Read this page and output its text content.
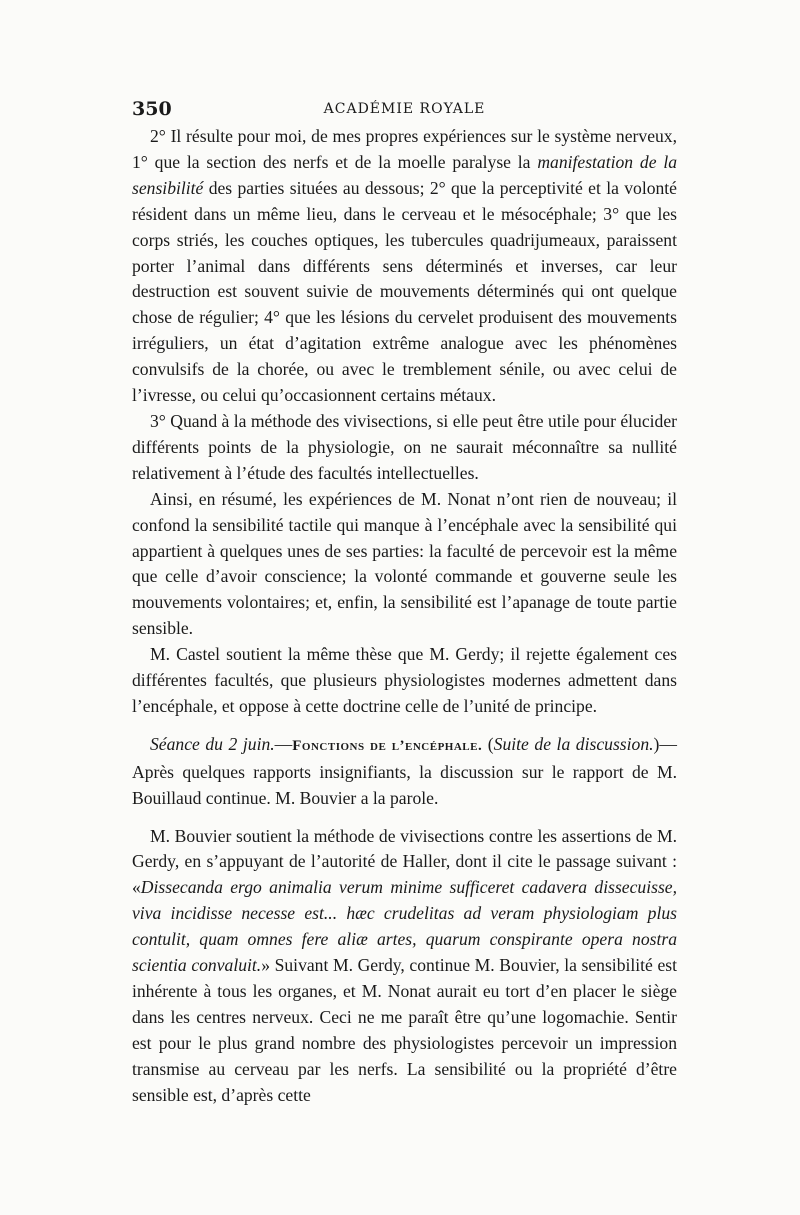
350	ACADÉMIE ROYALE

2° Il résulte pour moi, de mes propres expériences sur le système nerveux, 1° que la section des nerfs et de la moelle paralyse la manifestation de la sensibilité des parties situées au dessous; 2° que la perceptivité et la volonté résident dans un même lieu, dans le cerveau et le mésocéphale; 3° que les corps striés, les couches optiques, les tubercules quadrijumeaux, paraissent porter l’animal dans différents sens déterminés et inverses, car leur destruction est souvent suivie de mouvements déterminés qui ont quelque chose de régulier; 4° que les lésions du cervelet produisent des mouvements irréguliers, un état d’agitation extrême analogue avec les phénomènes convulsifs de la chorée, ou avec le tremblement sénile, ou avec celui de l’ivresse, ou celui qu’occasionnent certains métaux.

3° Quand à la méthode des vivisections, si elle peut être utile pour élucider différents points de la physiologie, on ne saurait méconnaître sa nullité relativement à l’étude des facultés intellectuelles.

Ainsi, en résumé, les expériences de M. Nonat n’ont rien de nouveau; il confond la sensibilité tactile qui manque à l’encéphale avec la sensibilité qui appartient à quelques unes de ses parties: la faculté de percevoir est la même que celle d’avoir conscience; la volonté commande et gouverne seule les mouvements volontaires; et, enfin, la sensibilité est l’apanage de toute partie sensible.

M. Castel soutient la même thèse que M. Gerdy; il rejette également ces différentes facultés, que plusieurs physiologistes modernes admettent dans l’encéphale, et oppose à cette doctrine celle de l’unité de principe.

Séance du 2 juin.—Fonctions de l’encéphale. (Suite de la discussion.)—Après quelques rapports insignifiants, la discussion sur le rapport de M. Bouillaud continue. M. Bouvier a la parole.

M. Bouvier soutient la méthode de vivisections contre les assertions de M. Gerdy, en s’appuyant de l’autorité de Haller, dont il cite le passage suivant : «Dissecanda ergo animalia verum minime sufficeret cadavera dissecuisse, viva incidisse necesse est... hæc crudelitas ad veram physiologiam plus contulit, quam omnes fere aliæ artes, quarum conspirante opera nostra scientia convaluit.» Suivant M. Gerdy, continue M. Bouvier, la sensibilité est inhérente à tous les organes, et M. Nonat aurait eu tort d’en placer le siège dans les centres nerveux. Ceci ne me paraît être qu’une logomachie. Sentir est pour le plus grand nombre des physiologistes percevoir un impression transmise au cerveau par les nerfs. La sensibilité ou la propriété d’être sensible est, d’après cette
